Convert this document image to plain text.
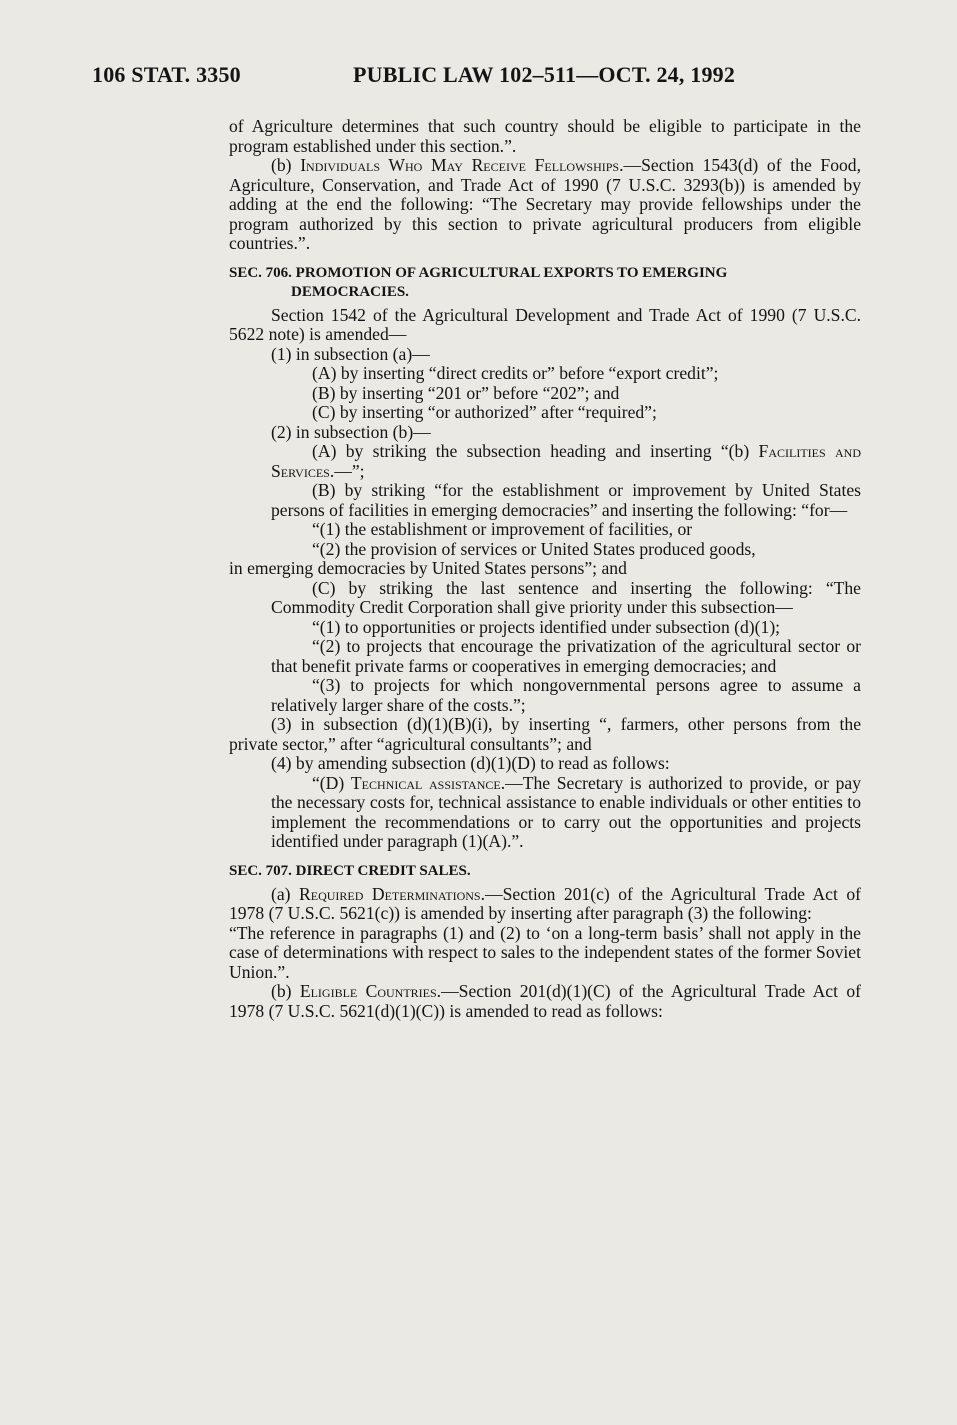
106 STAT. 3350	PUBLIC LAW 102–511—OCT. 24, 1992

of Agriculture determines that such country should be eligible to participate in the program established under this section.”.

(b) Individuals Who May Receive Fellowships.—Section 1543(d) of the Food, Agriculture, Conservation, and Trade Act of 1990 (7 U.S.C. 3293(b)) is amended by adding at the end the following: “The Secretary may provide fellowships under the program authorized by this section to private agricultural producers from eligible countries.”.

SEC. 706. PROMOTION OF AGRICULTURAL EXPORTS TO EMERGING
DEMOCRACIES.

Section 1542 of the Agricultural Development and Trade Act of 1990 (7 U.S.C. 5622 note) is amended—

(1) in subsection (a)—

(A) by inserting “direct credits or” before “export credit”;

(B) by inserting “201 or” before “202”; and

(C) by inserting “or authorized” after “required”;

(2) in subsection (b)—

(A) by striking the subsection heading and inserting “(b) Facilities and Services.—”;

(B) by striking “for the establishment or improvement by United States persons of facilities in emerging democracies” and inserting the following: “for—

“(1) the establishment or improvement of facilities, or

“(2) the provision of services or United States produced goods,

in emerging democracies by United States persons”; and

(C) by striking the last sentence and inserting the following: “The Commodity Credit Corporation shall give priority under this subsection—

“(1) to opportunities or projects identified under subsection (d)(1);

“(2) to projects that encourage the privatization of the agricultural sector or that benefit private farms or cooperatives in emerging democracies; and

“(3) to projects for which nongovernmental persons agree to assume a relatively larger share of the costs.”;

(3) in subsection (d)(1)(B)(i), by inserting “, farmers, other persons from the private sector,” after “agricultural consultants”; and

(4) by amending subsection (d)(1)(D) to read as follows:

“(D) Technical assistance.—The Secretary is authorized to provide, or pay the necessary costs for, technical assistance to enable individuals or other entities to implement the recommendations or to carry out the opportunities and projects identified under paragraph (1)(A).”.

SEC. 707. DIRECT CREDIT SALES.

(a) Required Determinations.—Section 201(c) of the Agricultural Trade Act of 1978 (7 U.S.C. 5621(c)) is amended by inserting after paragraph (3) the following:

“The reference in paragraphs (1) and (2) to ‘on a long-term basis’ shall not apply in the case of determinations with respect to sales to the independent states of the former Soviet Union.”.

(b) Eligible Countries.—Section 201(d)(1)(C) of the Agricultural Trade Act of 1978 (7 U.S.C. 5621(d)(1)(C)) is amended to read as follows:
